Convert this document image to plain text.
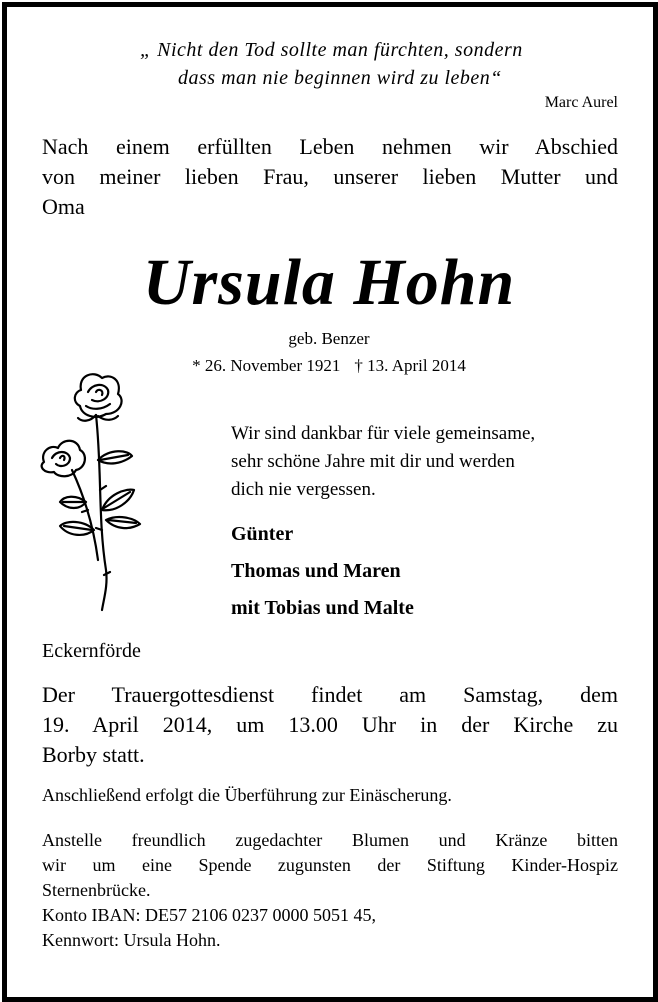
„ Nicht den Tod sollte man fürchten, sondern
dass man nie beginnen wird zu leben“
Marc Aurel
Nach einem erfüllten Leben nehmen wir Abschied
von meiner lieben Frau, unserer lieben Mutter und
Oma
Ursula Hohn
geb. Benzer
* 26. November 1921 † 13. April 2014
Wir sind dankbar für viele gemeinsame,
sehr schöne Jahre mit dir und werden
dich nie vergessen.
Günter
Thomas und Maren
mit Tobias und Malte
Eckernförde
Der Trauergottesdienst findet am Samstag, dem
19. April 2014, um 13.00 Uhr in der Kirche zu
Borby statt.
Anschließend erfolgt die Überführung zur Einäscherung.
Anstelle freundlich zugedachter Blumen und Kränze bitten
wir um eine Spende zugunsten der Stiftung Kinder-Hospiz
Sternenbrücke.
Konto IBAN: DE57 2106 0237 0000 5051 45,
Kennwort: Ursula Hohn.
